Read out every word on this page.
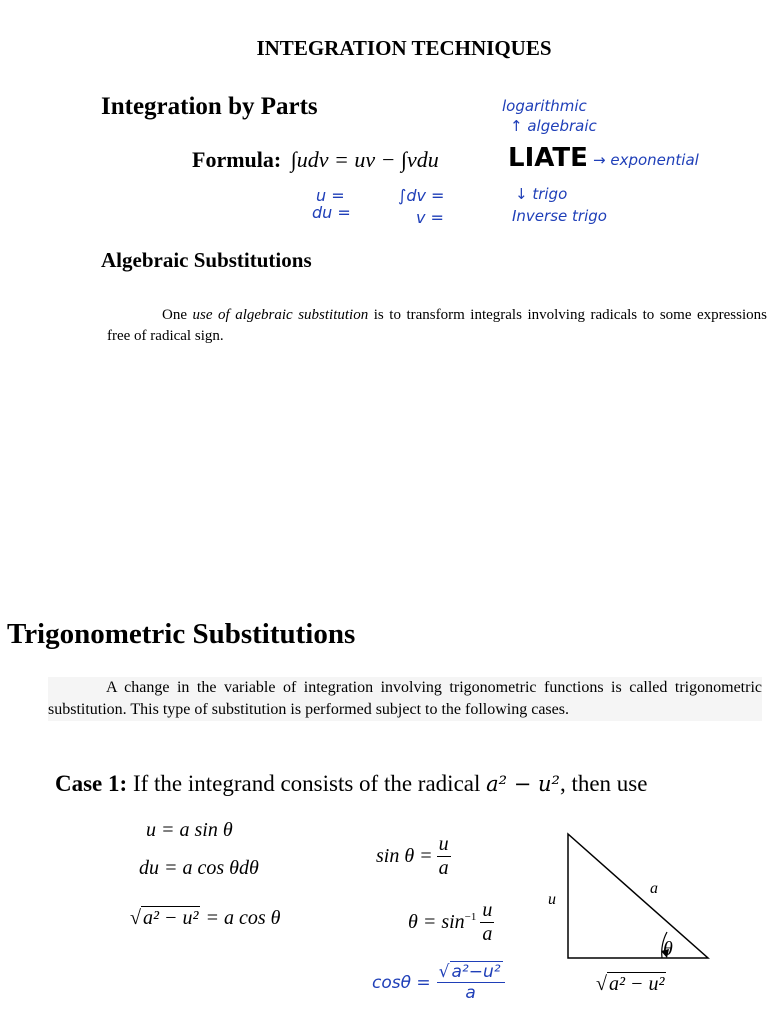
INTEGRATION TECHNIQUES
Integration by Parts
Formula: ∫udv = uv − ∫vdu	LIATE
logarithmic
↑ algebraic
→ exponential
↓ trigo
Inverse trigo
u =
du =
∫dv =
v =
Algebraic Substitutions
One use of algebraic substitution is to transform integrals involving radicals to some expressions free of radical sign.
Trigonometric Substitutions
A change in the variable of integration involving trigonometric functions is called trigonometric substitution. This type of substitution is performed subject to the following cases.
Case 1: If the integrand consists of the radical a² − u², then use
u = a sin θ
du = a cos θdθ
√ a² − u² = a cos θ
$\sin \theta = \frac{u}{a}$
$\theta = \sin^{-1} \frac{u}{a}$
$\cos\theta = \frac{\text{√ a²−u²}}{a}$
u
a
θ
√ a² − u²
